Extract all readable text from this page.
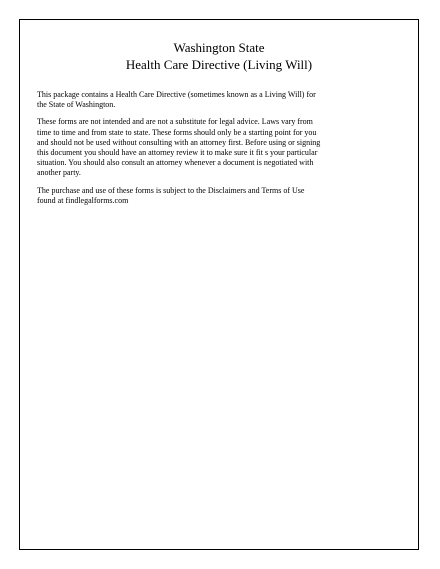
Washington State

Health Care Directive (Living Will)

This package contains a Health Care Directive (sometimes known as a Living Will) for
the State of Washington.

These forms are not intended and are not a substitute for legal advice. Laws vary from
time to time and from state to state. These forms should only be a starting point for you
and should not be used without consulting with an attorney first. Before using or signing
this document you should have an attorney review it to make sure it fit s your particular
situation. You should also consult an attorney whenever a document is negotiated with
another party.

The purchase and use of these forms is subject to the Disclaimers and Terms of Use
found at findlegalforms.com
